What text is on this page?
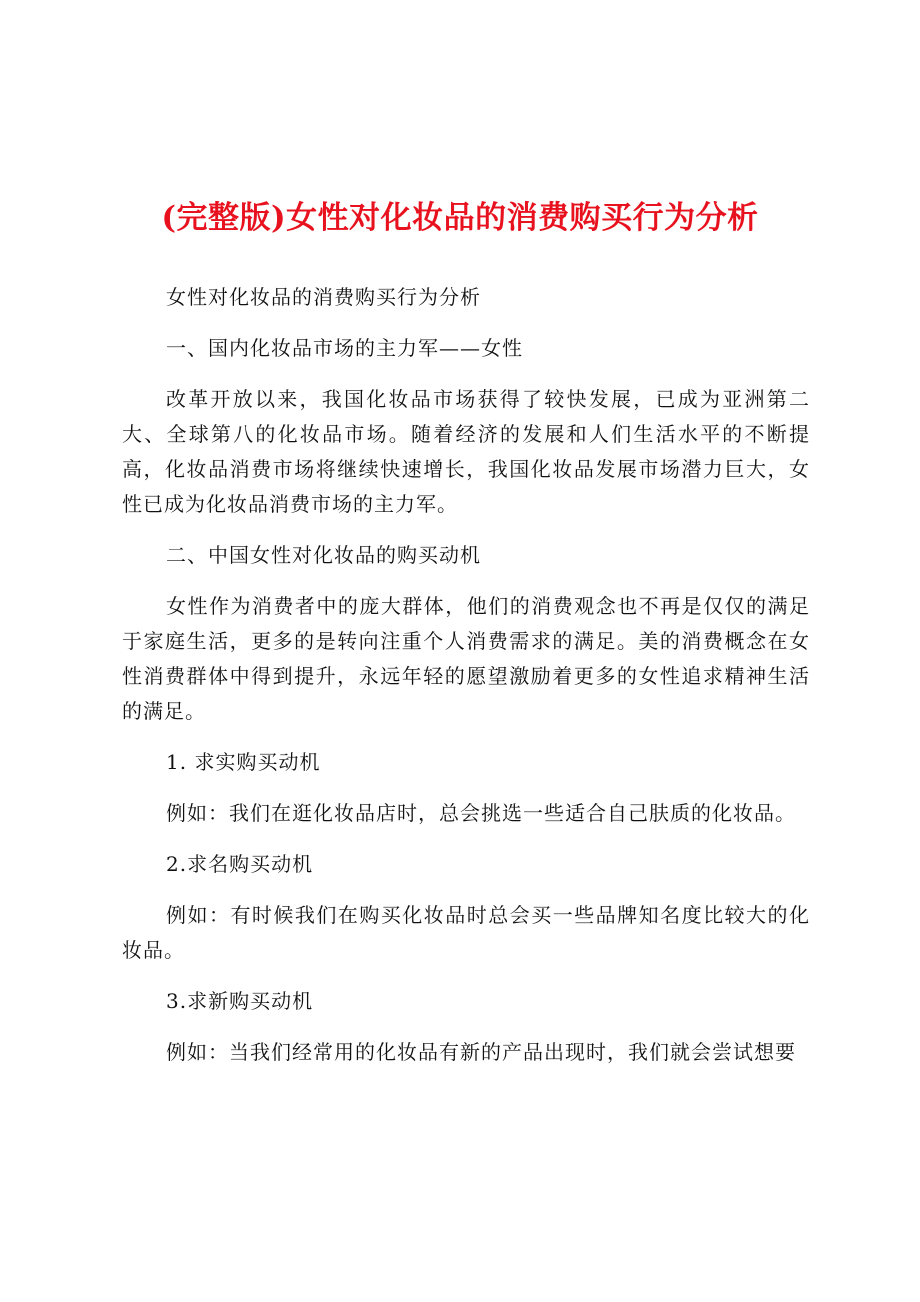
(完整版)女性对化妆品的消费购买行为分析

女性对化妆品的消费购买行为分析

一、国内化妆品市场的主力军——女性

改革开放以来，我国化妆品市场获得了较快发展，已成为亚洲第二大、全球第八的化妆品市场。随着经济的发展和人们生活水平的不断提高，化妆品消费市场将继续快速增长，我国化妆品发展市场潜力巨大，女性已成为化妆品消费市场的主力军。

二、中国女性对化妆品的购买动机

女性作为消费者中的庞大群体，他们的消费观念也不再是仅仅的满足于家庭生活，更多的是转向注重个人消费需求的满足。美的消费概念在女性消费群体中得到提升，永远年轻的愿望激励着更多的女性追求精神生活的满足。

1. 求实购买动机

例如：我们在逛化妆品店时，总会挑选一些适合自己肤质的化妆品。

2.求名购买动机

例如：有时候我们在购买化妆品时总会买一些品牌知名度比较大的化妆品。

3.求新购买动机

例如：当我们经常用的化妆品有新的产品出现时，我们就会尝试想要
